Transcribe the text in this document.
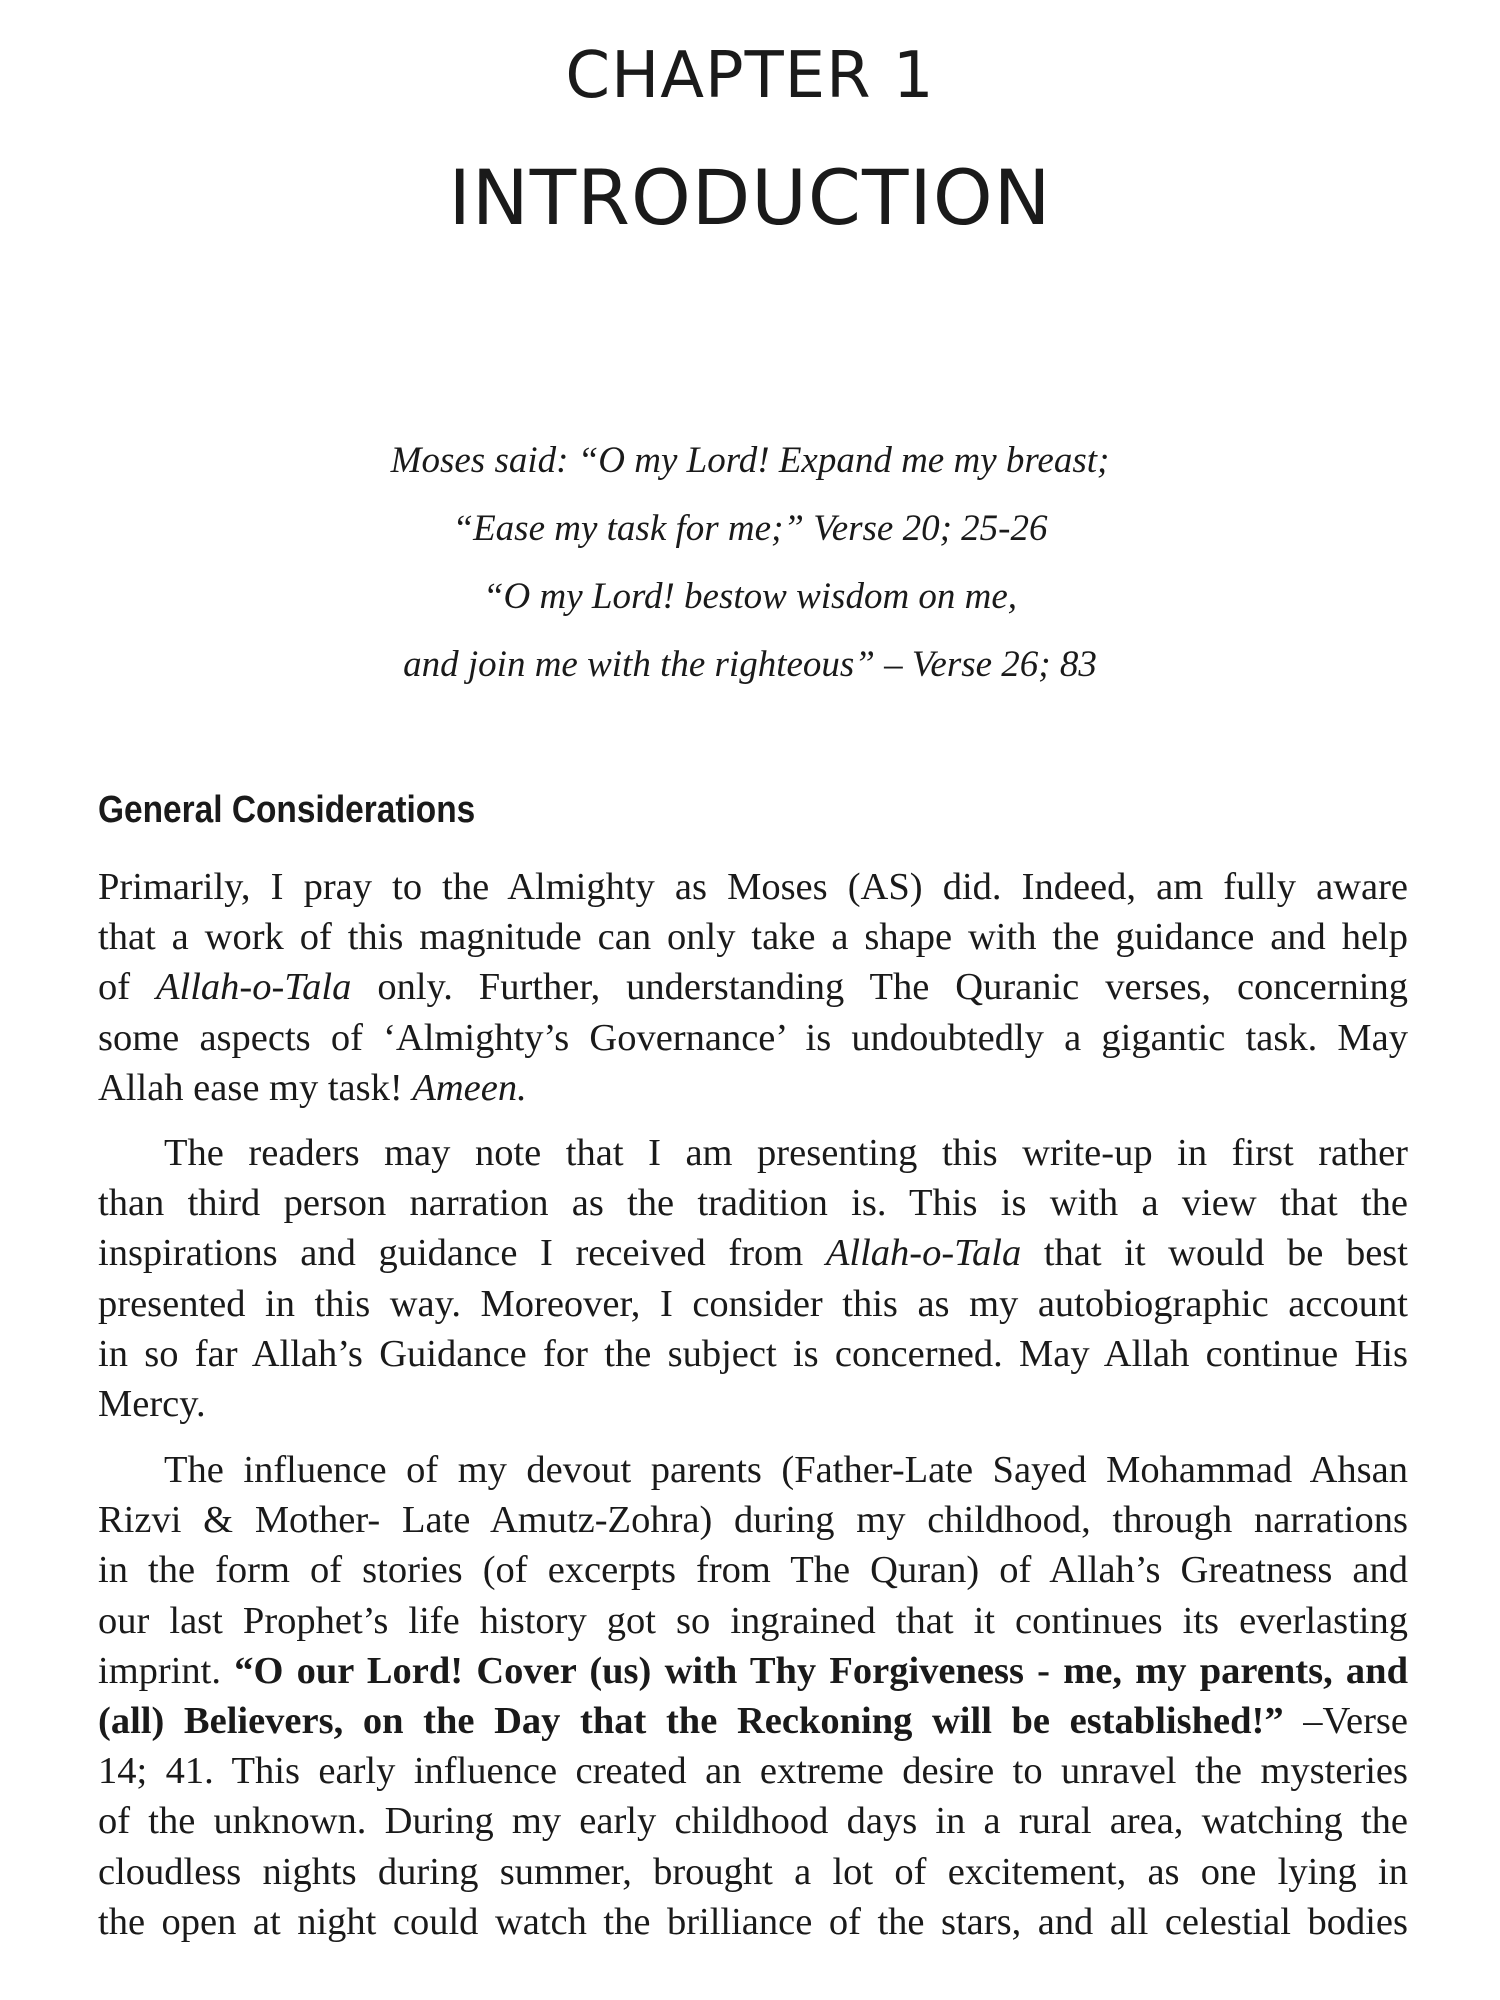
CHAPTER 1
INTRODUCTION
Moses said: “O my Lord! Expand me my breast;
“Ease my task for me;” Verse 20; 25-26
“O my Lord! bestow wisdom on me,
and join me with the righteous” – Verse 26; 83
General Considerations
Primarily, I pray to the Almighty as Moses (AS) did. Indeed, am fully aware
that a work of this magnitude can only take a shape with the guidance and help
of Allah-o-Tala only. Further, understanding The Quranic verses, concerning
some aspects of ‘Almighty’s Governance’ is undoubtedly a gigantic task. May
Allah ease my task! Ameen.
The readers may note that I am presenting this write-up in first rather
than third person narration as the tradition is. This is with a view that the
inspirations and guidance I received from Allah-o-Tala that it would be best
presented in this way. Moreover, I consider this as my autobiographic account
in so far Allah’s Guidance for the subject is concerned. May Allah continue His
Mercy.
The influence of my devout parents (Father-Late Sayed Mohammad Ahsan
Rizvi & Mother- Late Amutz-Zohra) during my childhood, through narrations
in the form of stories (of excerpts from The Quran) of Allah’s Greatness and
our last Prophet’s life history got so ingrained that it continues its everlasting
imprint. “O our Lord! Cover (us) with Thy Forgiveness - me, my parents, and
(all) Believers, on the Day that the Reckoning will be established!” –Verse
14; 41. This early influence created an extreme desire to unravel the mysteries
of the unknown. During my early childhood days in a rural area, watching the
cloudless nights during summer, brought a lot of excitement, as one lying in
the open at night could watch the brilliance of the stars, and all celestial bodies
